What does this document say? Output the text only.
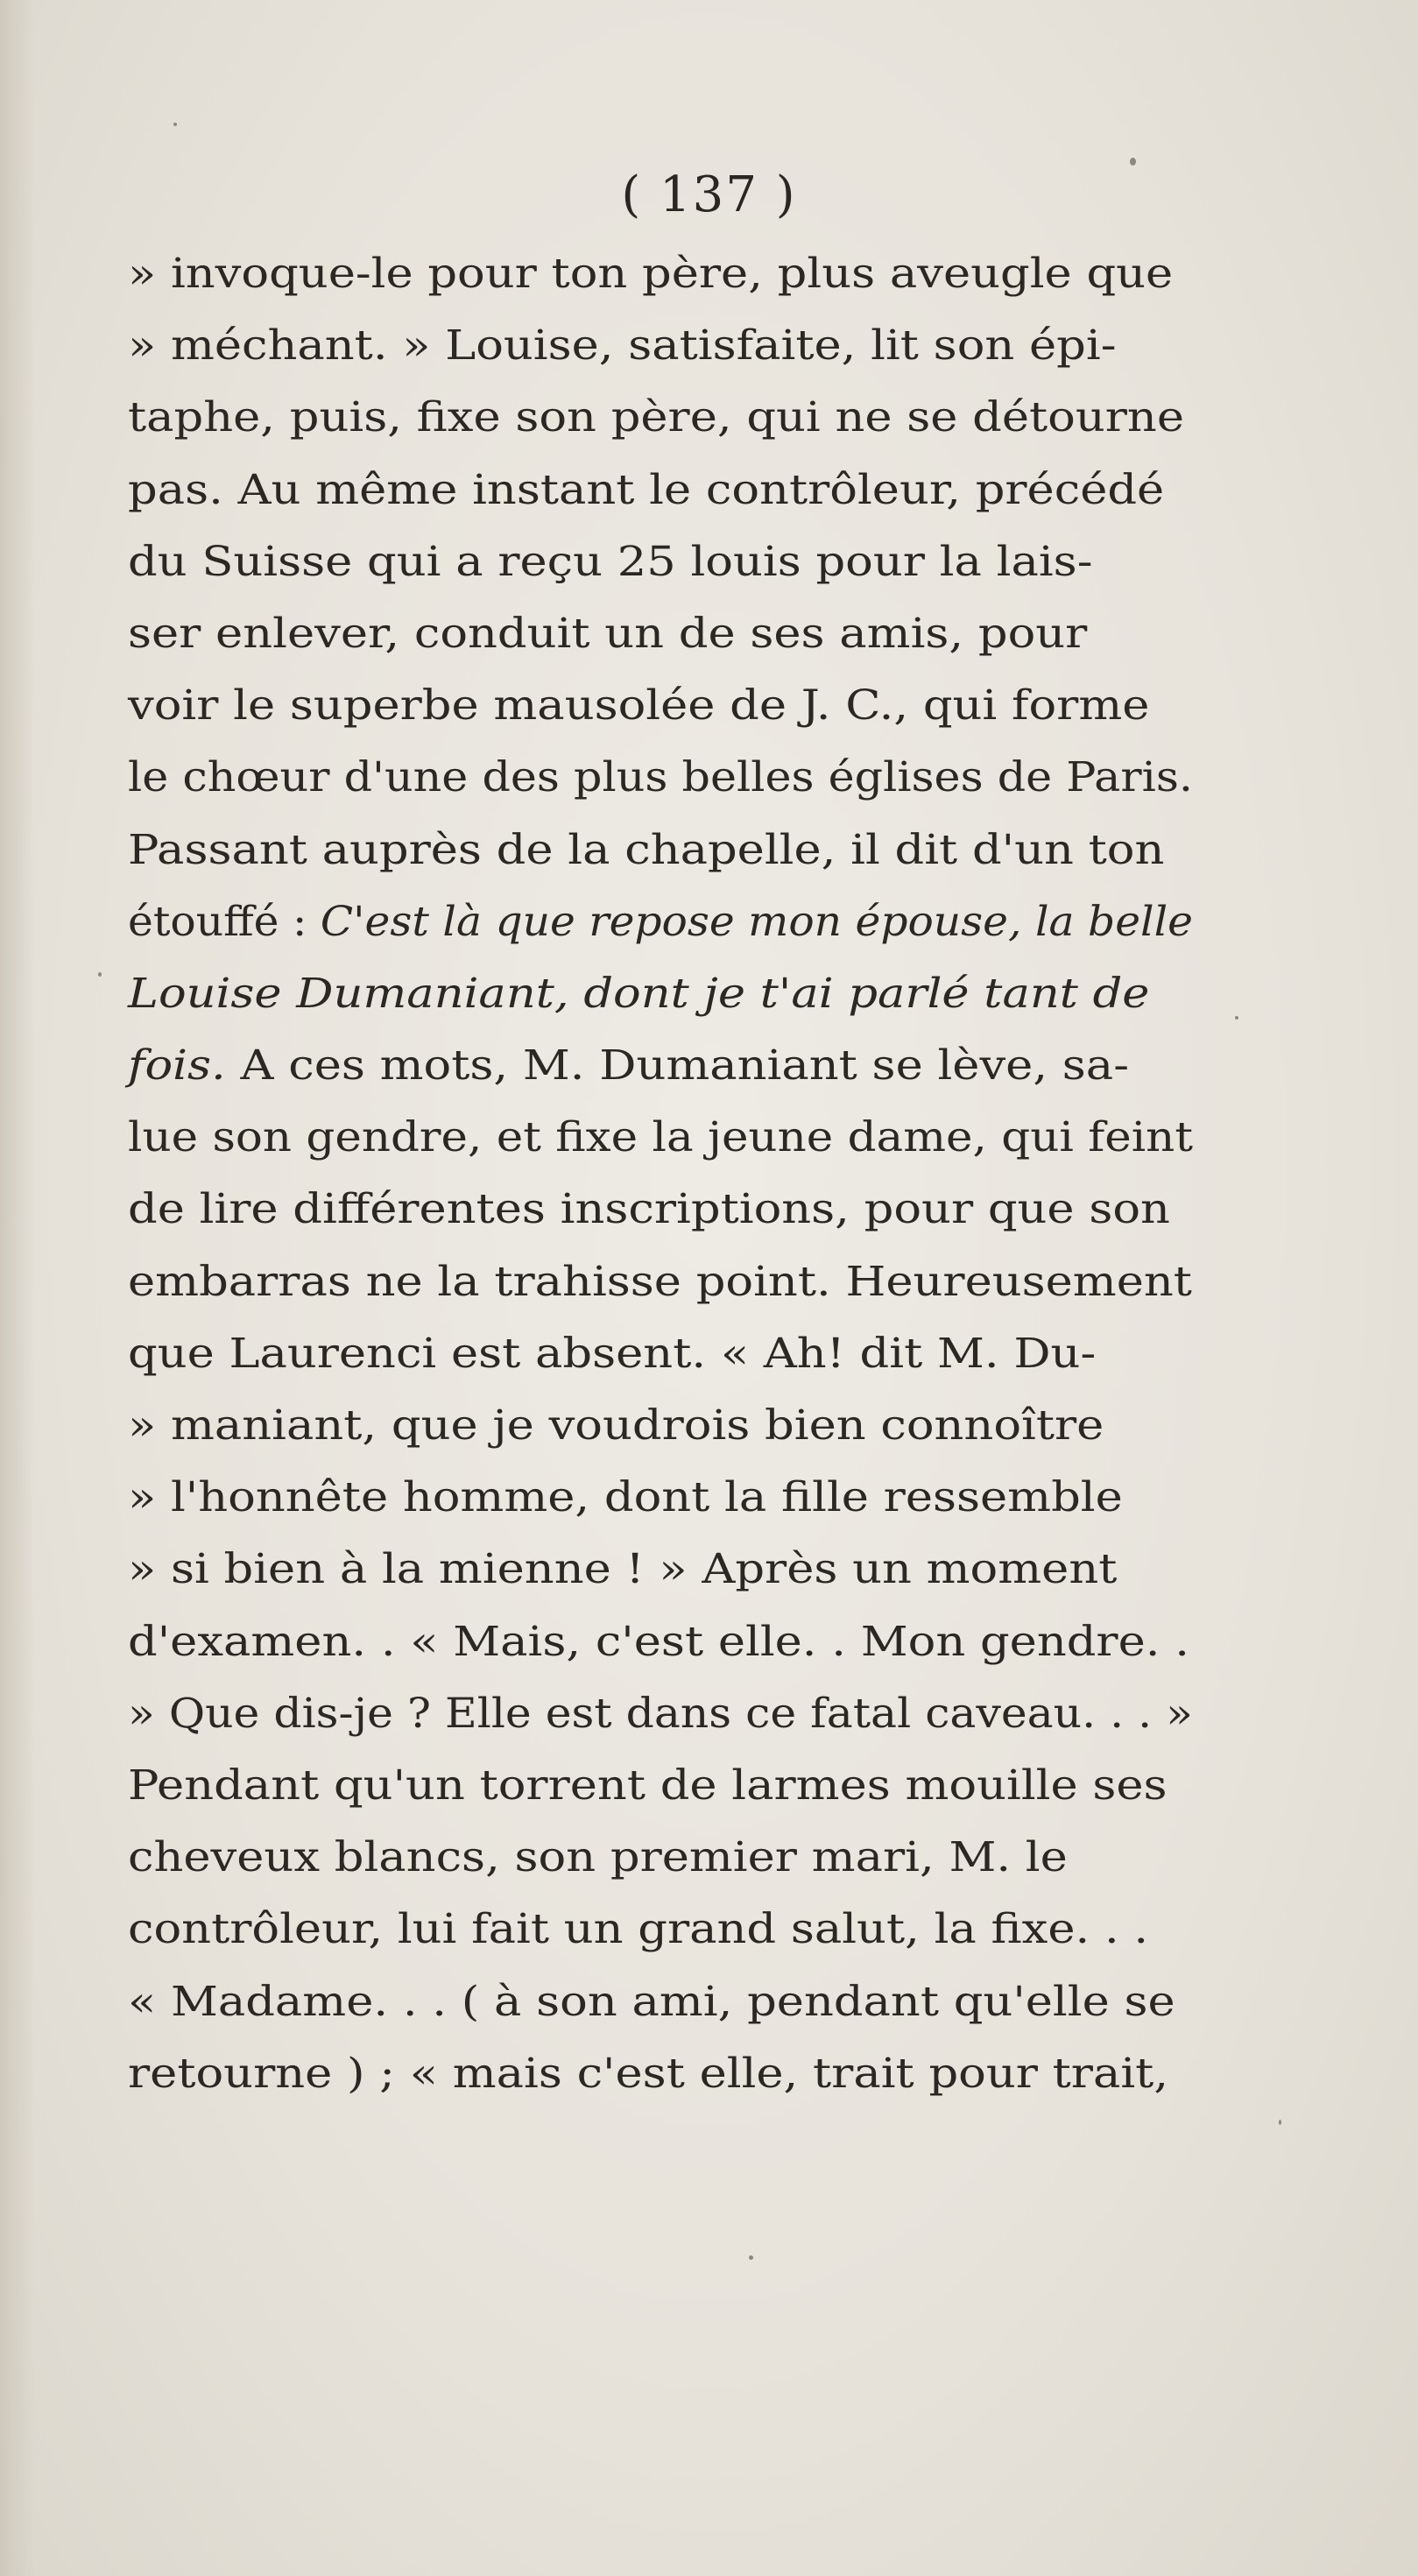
( 137 )
» invoque-le pour ton père, plus aveugle que
» méchant. » Louise, satisfaite, lit son épi-
taphe, puis, fixe son père, qui ne se détourne
pas. Au même instant le contrôleur, précédé
du Suisse qui a reçu 25 louis pour la lais-
ser enlever, conduit un de ses amis, pour
voir le superbe mausolée de J. C., qui forme
le chœur d'une des plus belles églises de Paris.
Passant auprès de la chapelle, il dit d'un ton
étouffé : C'est là que repose mon épouse, la belle
Louise Dumaniant, dont je t'ai parlé tant de
fois. A ces mots, M. Dumaniant se lève, sa-
lue son gendre, et fixe la jeune dame, qui feint
de lire différentes inscriptions, pour que son
embarras ne la trahisse point. Heureusement
que Laurenci est absent. « Ah! dit M. Du-
» maniant, que je voudrois bien connoître
» l'honnête homme, dont la fille ressemble
» si bien à la mienne ! » Après un moment
d'examen. . « Mais, c'est elle. . Mon gendre. .
» Que dis-je ? Elle est dans ce fatal caveau. . . »
Pendant qu'un torrent de larmes mouille ses
cheveux blancs, son premier mari, M. le
contrôleur, lui fait un grand salut, la fixe. . .
« Madame. . . ( à son ami, pendant qu'elle se
retourne ) ; « mais c'est elle, trait pour trait,
